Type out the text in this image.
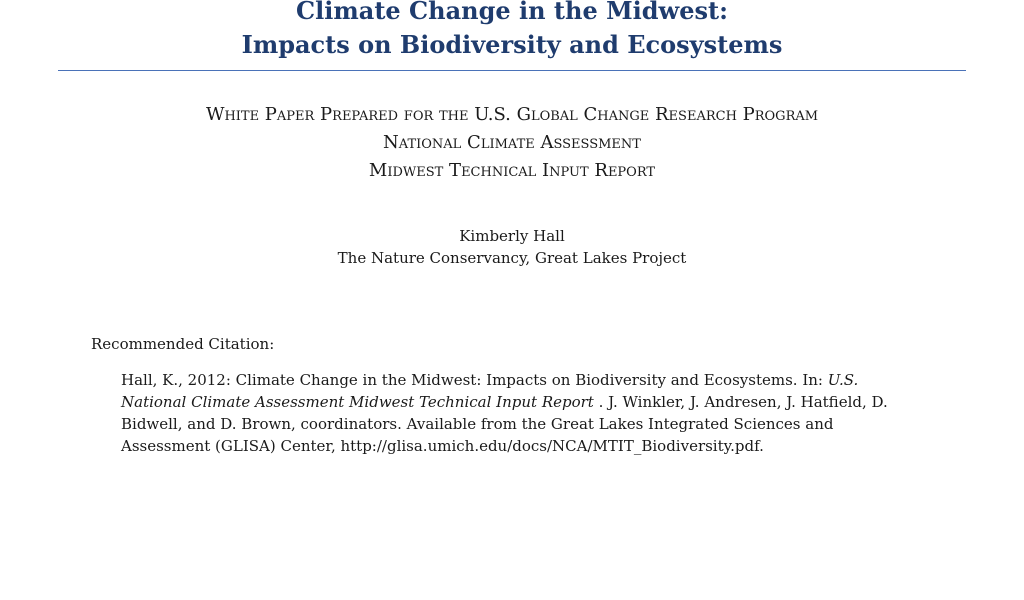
Climate Change in the Midwest:
Impacts on Biodiversity and Ecosystems
White Paper Prepared for the U.S. Global Change Research Program
National Climate Assessment
Midwest Technical Input Report
Kimberly Hall
The Nature Conservancy, Great Lakes Project
Recommended Citation:
Hall, K., 2012: Climate Change in the Midwest: Impacts on Biodiversity and Ecosystems. In: U.S.
National Climate Assessment Midwest Technical Input Report . J. Winkler, J. Andresen, J. Hatfield, D.
Bidwell, and D. Brown, coordinators. Available from the Great Lakes Integrated Sciences and
Assessment (GLISA) Center, http://glisa.umich.edu/docs/NCA/MTIT_Biodiversity.pdf.
